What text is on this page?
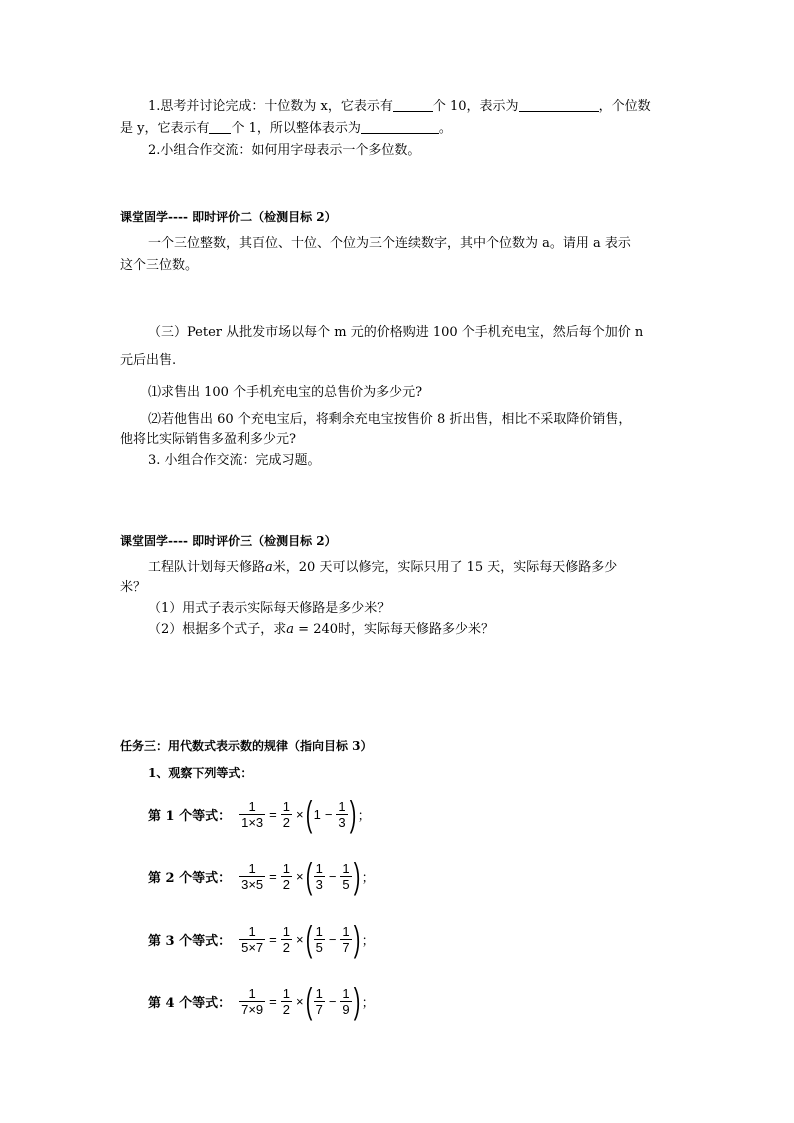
1.思考并讨论完成：十位数为 x，它表示有	个 10，表示为	，个位数
是 y，它表示有 个 1，所以整体表示为	。
2.小组合作交流：如何用字母表示一个多位数。
课堂固学---- 即时评价二（检测目标 2）
一个三位整数，其百位、十位、个位为三个连续数字，其中个位数为 a。请用 a 表示
这个三位数。
（三）Peter 从批发市场以每个 m 元的价格购进 100 个手机充电宝，然后每个加价 n
元后出售.
⑴求售出 100 个手机充电宝的总售价为多少元?
⑵若他售出 60 个充电宝后，将剩余充电宝按售价 8 折出售，相比不采取降价销售，
他将比实际销售多盈利多少元?
3. 小组合作交流：完成习题。
课堂固学---- 即时评价三（检测目标 2）
工程队计划每天修路a米，20 天可以修完，实际只用了 15 天，实际每天修路多少
米？
（1）用式子表示实际每天修路是多少米？
（2）根据多个式子，求a = 240时，实际每天修路多少米？
任务三：用代数式表示数的规律（指向目标 3）
1、观察下列等式：
第 1 个等式： $\frac{1}{1\times 3} = \frac{1}{2}$ × ( $1 - \frac{1}{3}$ ) ；
第 2 个等式： $\frac{1}{3\times 5} = \frac{1}{2}$ × ( $\frac{1}{3} - \frac{1}{5}$ ) ；
第 3 个等式： $\frac{1}{5\times 7} = \frac{1}{2}$ × ( $\frac{1}{5} - \frac{1}{7}$ ) ；
第 4 个等式： $\frac{1}{7\times 9} = \frac{1}{2}$ × ( $\frac{1}{7} - \frac{1}{9}$ ) ；
